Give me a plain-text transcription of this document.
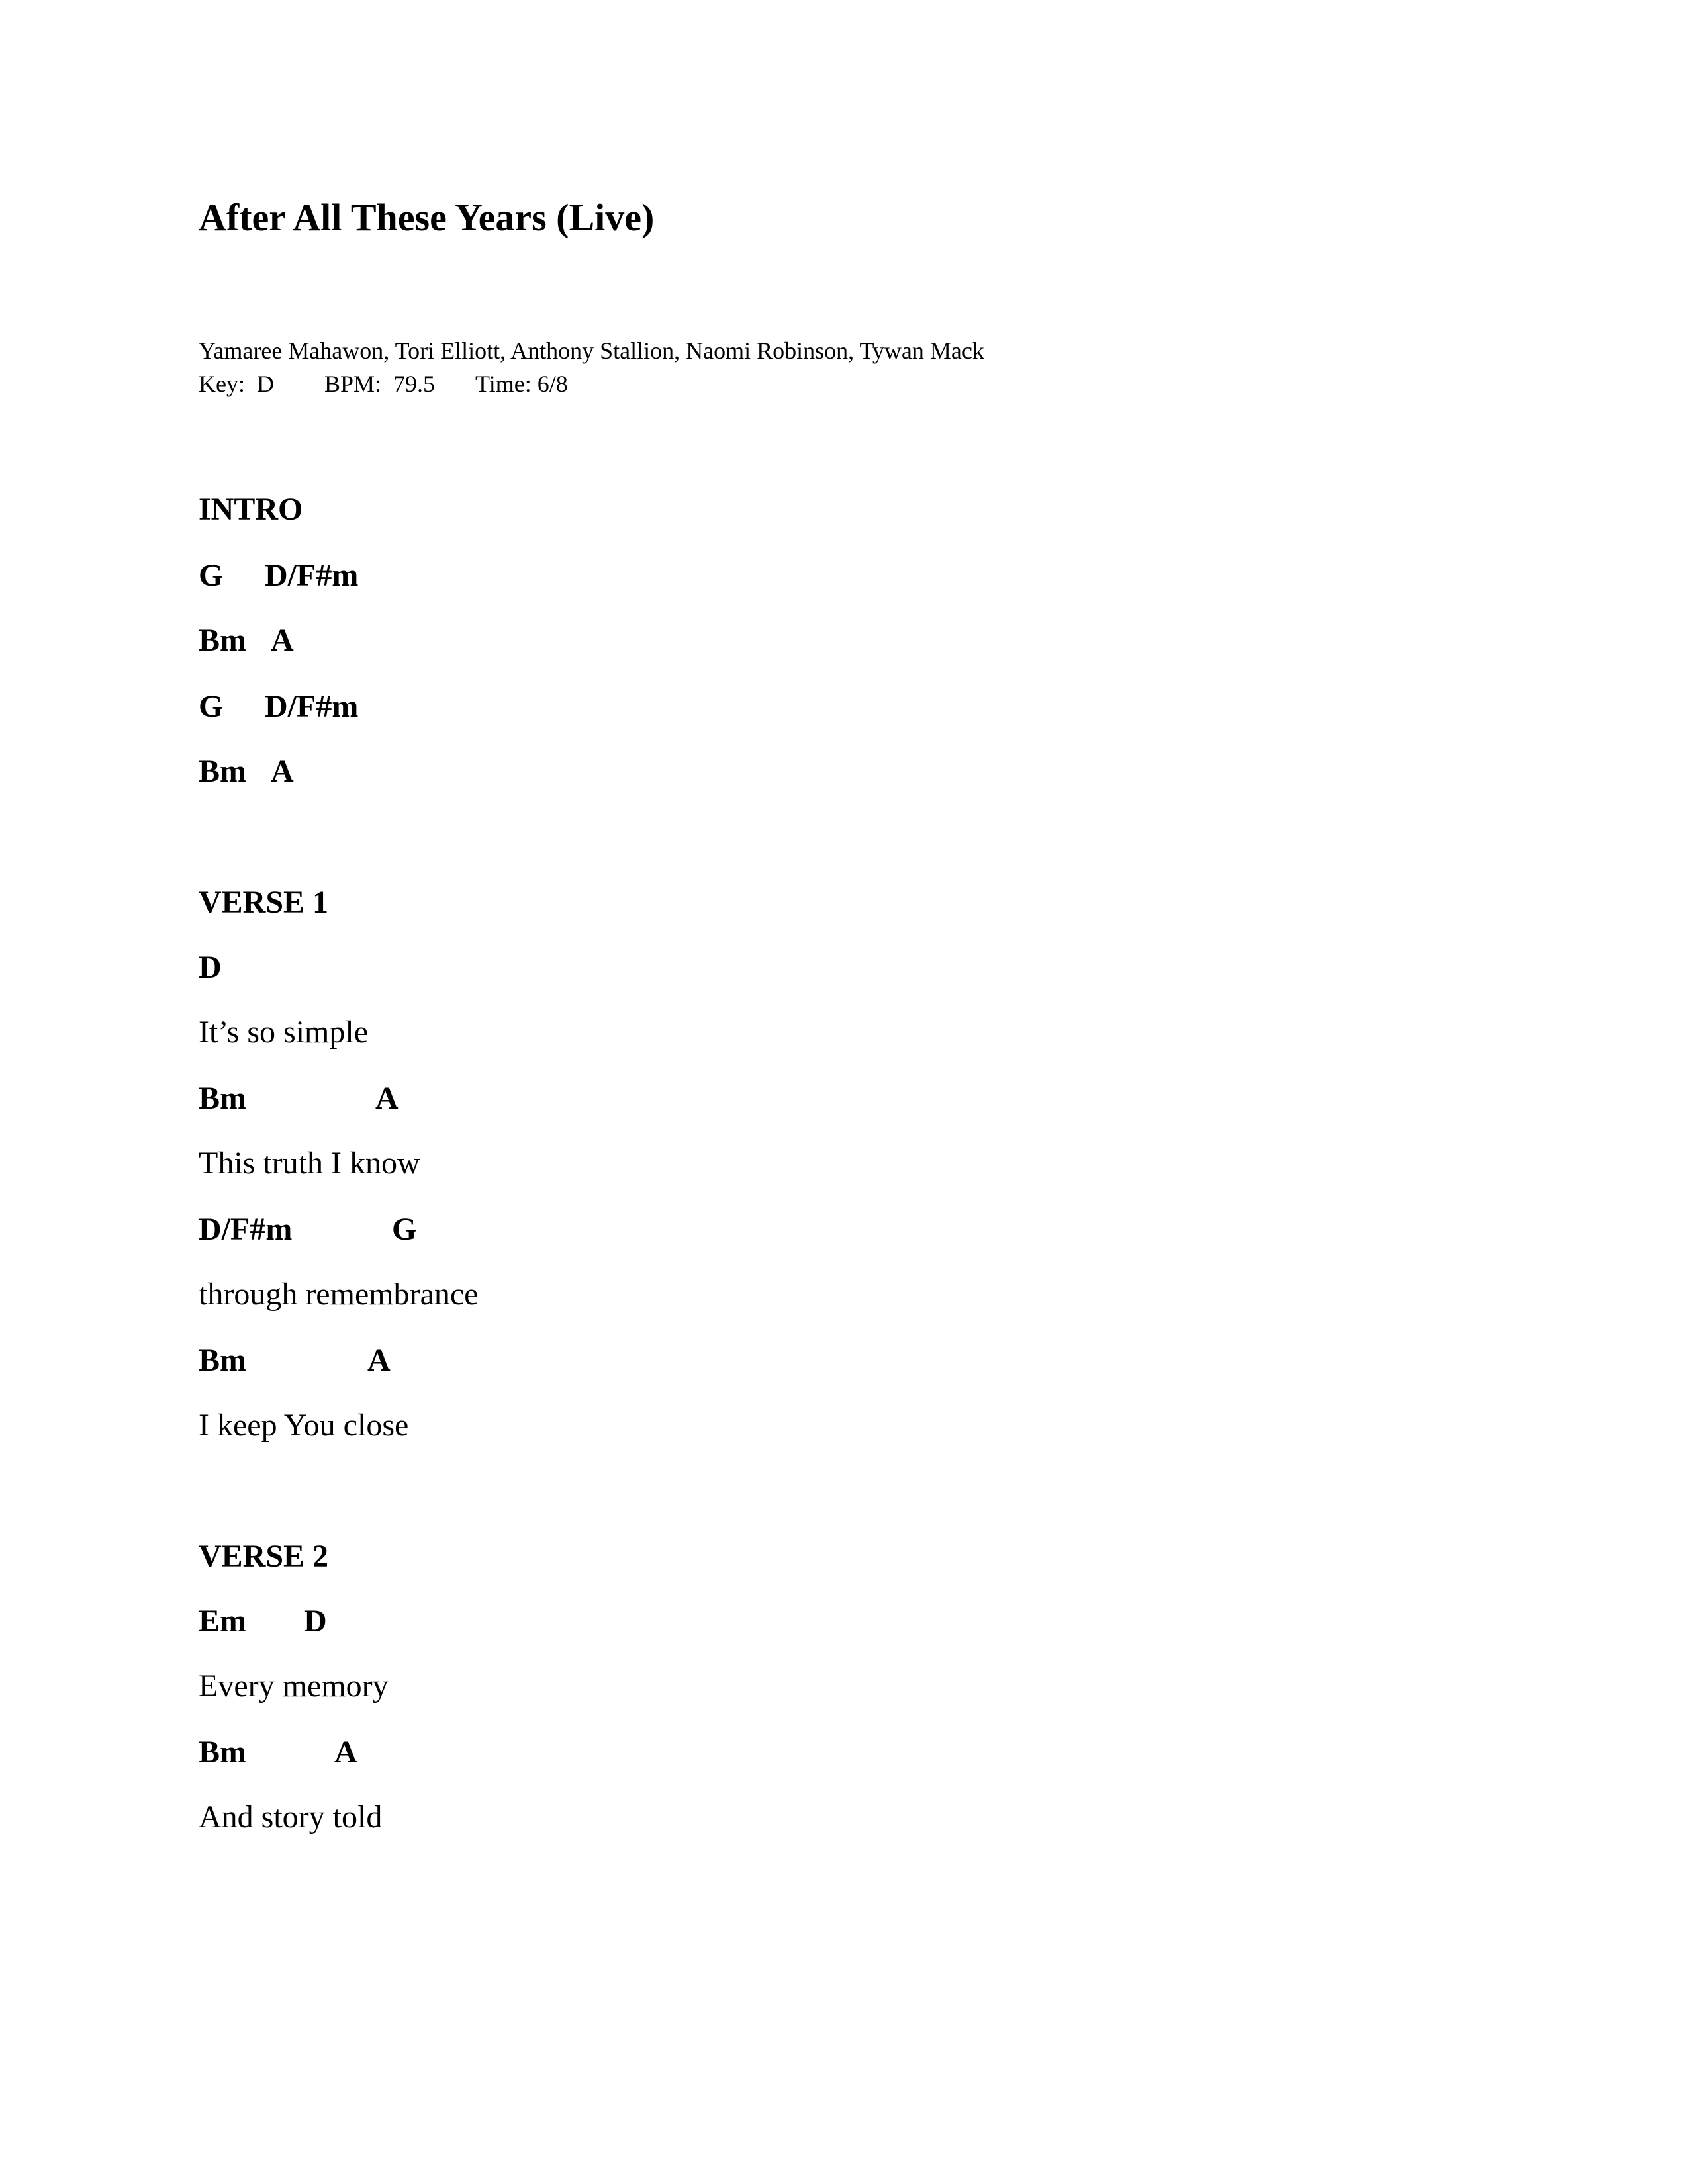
After All These Years (Live)
Yamaree Mahawon, Tori Elliott, Anthony Stallion, Naomi Robinson, Tywan Mack

Key:  D

BPM:  79.5

Time: 6/8

INTRO

G

D/F#m

Bm

A

G

D/F#m

Bm

A

VERSE 1

D

It’s so simple

Bm

	A

This truth I know

D/F#m

	G

through remembrance

Bm

	A

I keep You close
VERSE 2

Em

D

Every memory

Bm

	A

And story told
